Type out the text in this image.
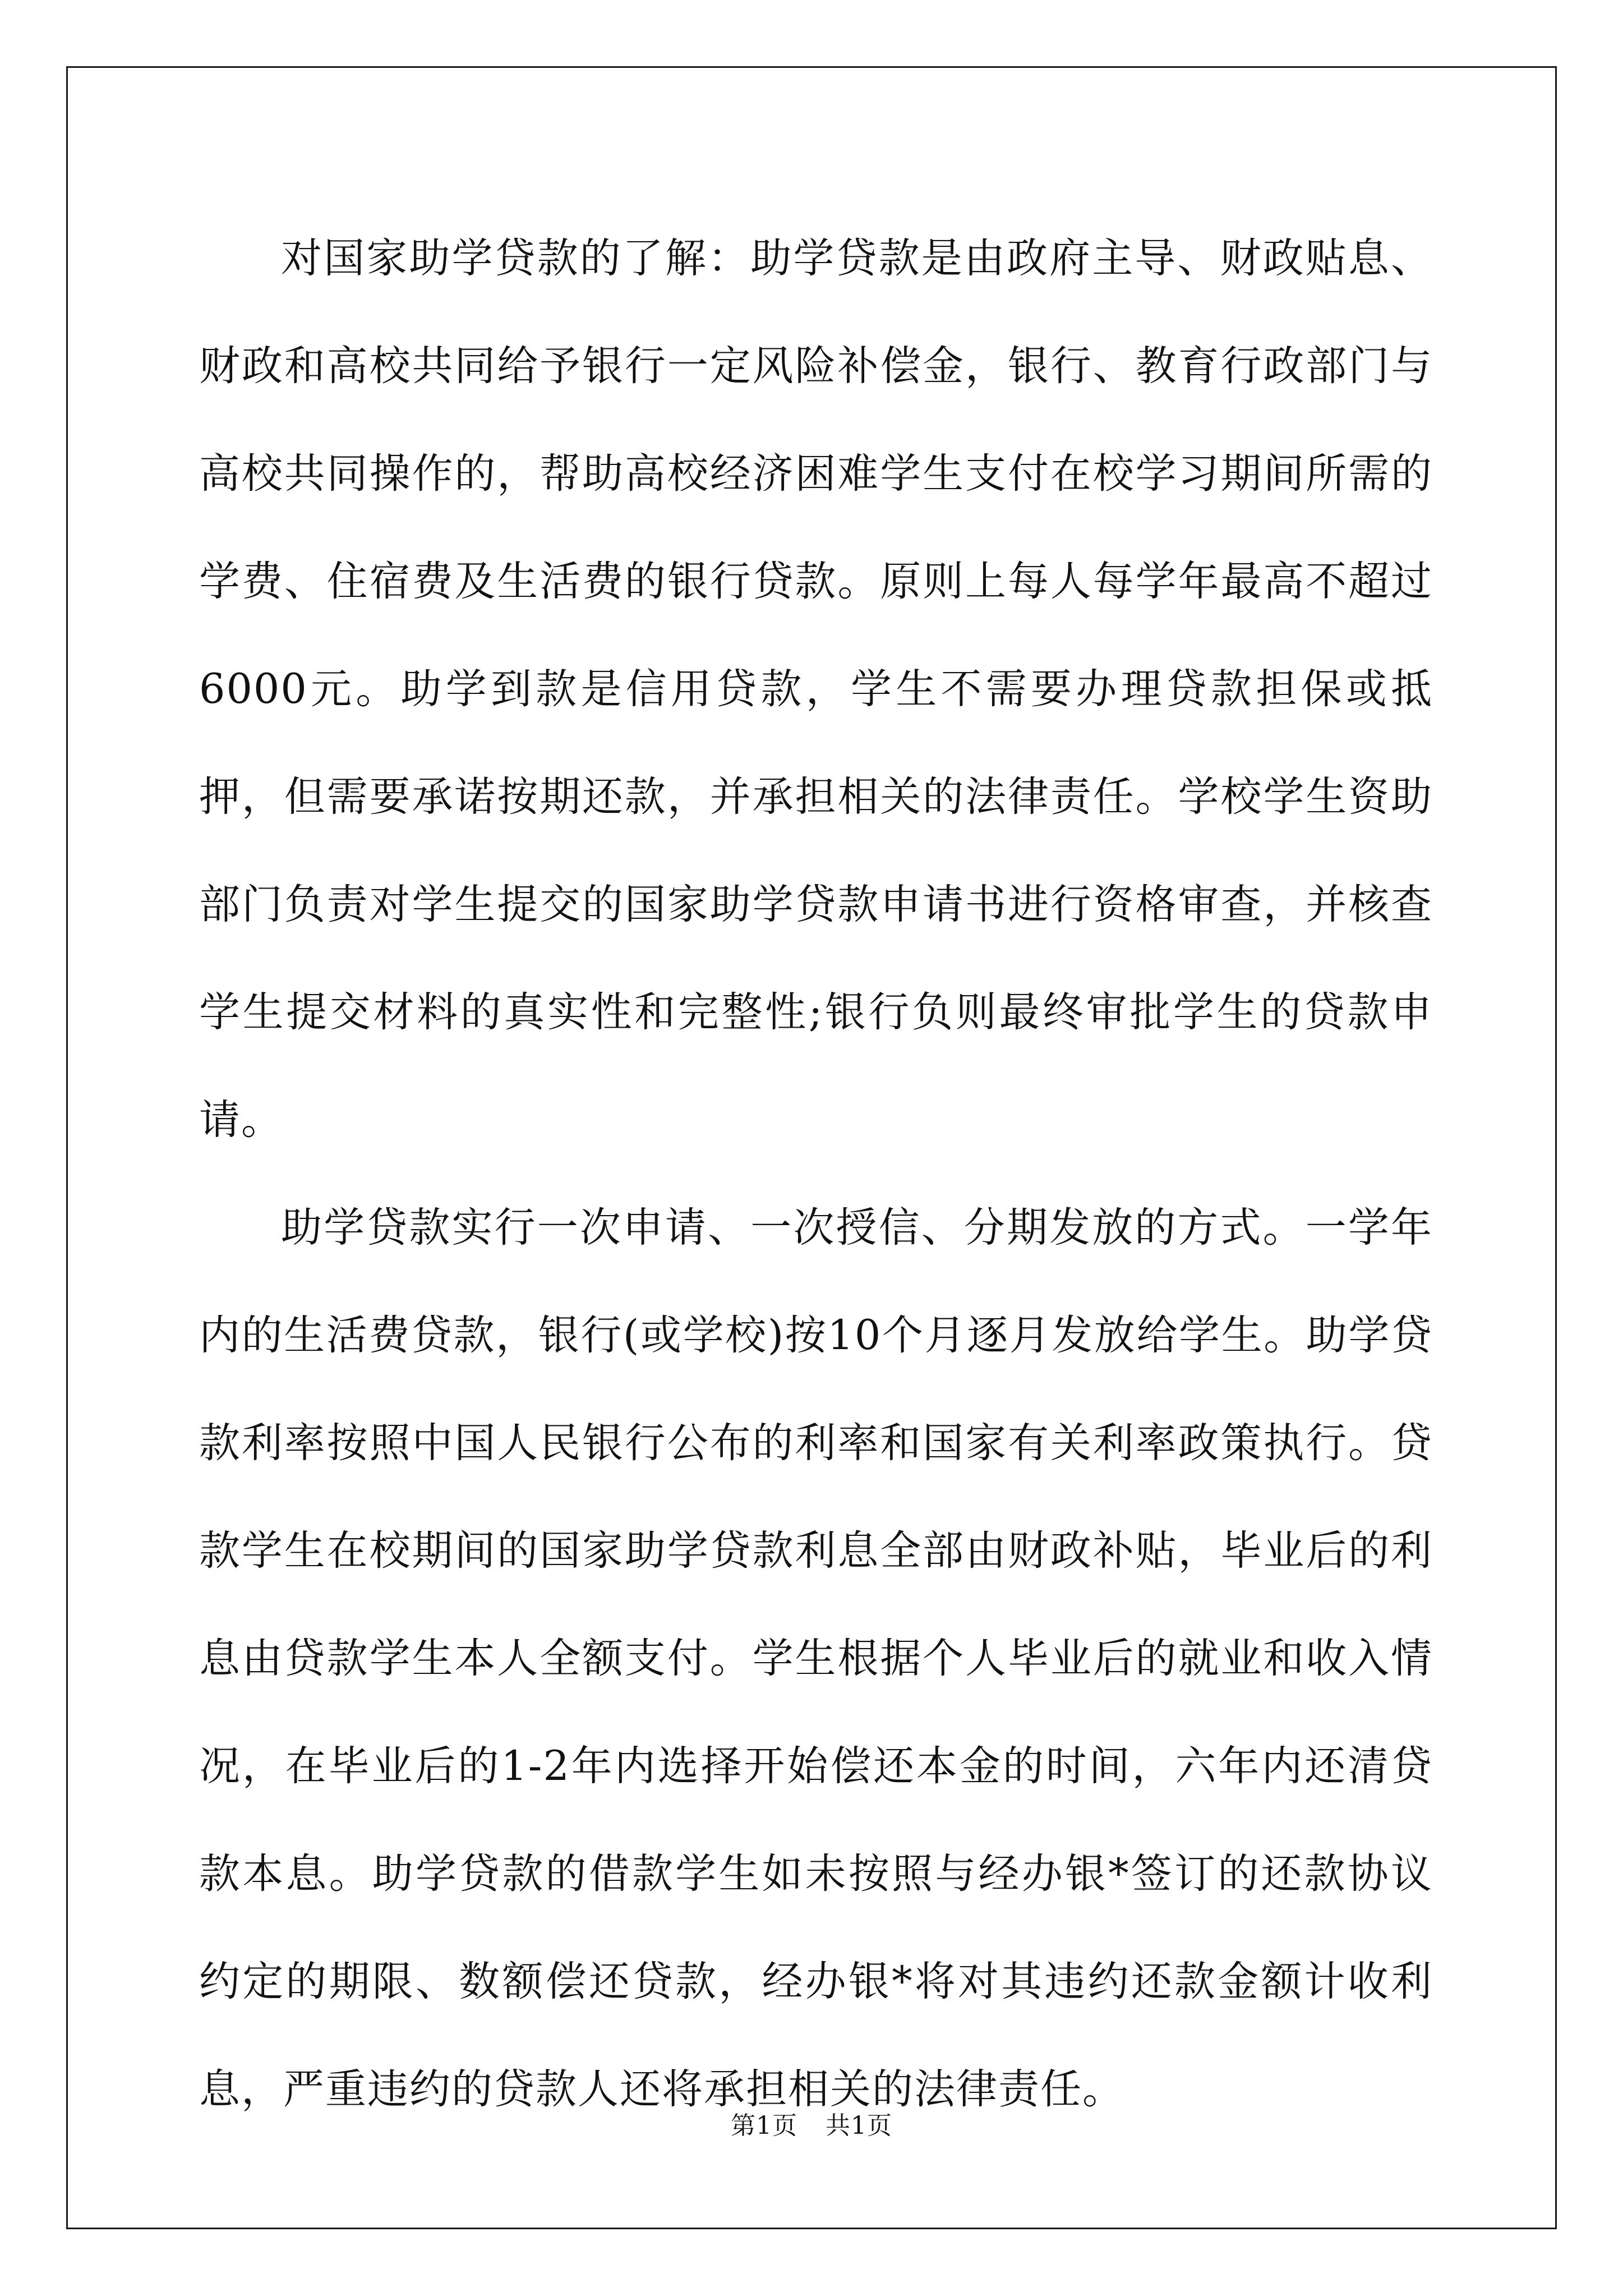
对国家助学贷款的了解：助学贷款是由政府主导、财政贴息、财政和高校共同给予银行一定风险补偿金，银行、教育行政部门与高校共同操作的，帮助高校经济困难学生支付在校学习期间所需的学费、住宿费及生活费的银行贷款。原则上每人每学年最高不超过6000元。助学到款是信用贷款，学生不需要办理贷款担保或抵押，但需要承诺按期还款，并承担相关的法律责任。学校学生资助部门负责对学生提交的国家助学贷款申请书进行资格审查，并核查学生提交材料的真实性和完整性;银行负则最终审批学生的贷款申请。

助学贷款实行一次申请、一次授信、分期发放的方式。一学年内的生活费贷款，银行(或学校)按10个月逐月发放给学生。助学贷款利率按照中国人民银行公布的利率和国家有关利率政策执行。贷款学生在校期间的国家助学贷款利息全部由财政补贴，毕业后的利息由贷款学生本人全额支付。学生根据个人毕业后的就业和收入情况，在毕业后的1-2年内选择开始偿还本金的时间，六年内还清贷款本息。助学贷款的借款学生如未按照与经办银*签订的还款协议约定的期限、数额偿还贷款，经办银*将对其违约还款金额计收利息，严重违约的贷款人还将承担相关的法律责任。

第1页 共1页
